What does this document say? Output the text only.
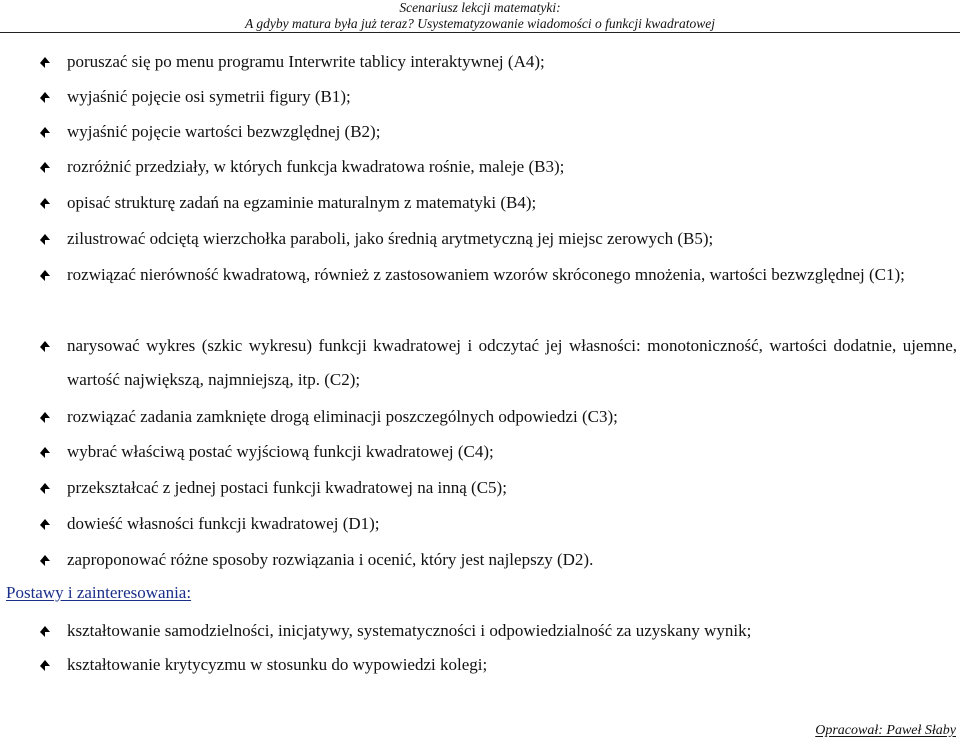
Scenariusz lekcji matematyki:
A gdyby matura była już teraz? Usystematyzowanie wiadomości o funkcji kwadratowej
poruszać się po menu programu Interwrite tablicy interaktywnej (A4);
wyjaśnić pojęcie osi symetrii figury (B1);
wyjaśnić pojęcie wartości bezwzględnej (B2);
rozróżnić przedziały, w których funkcja kwadratowa rośnie, maleje (B3);
opisać strukturę zadań na egzaminie maturalnym z matematyki (B4);
zilustrować odciętą wierzchołka paraboli, jako średnią arytmetyczną jej miejsc zerowych (B5);
rozwiązać nierówność kwadratową, również z zastosowaniem wzorów skróconego mnożenia, wartości bezwzględnej (C1);
narysować wykres (szkic wykresu) funkcji kwadratowej i odczytać jej własności: monotoniczność, wartości dodatnie, ujemne, wartość największą, najmniejszą, itp. (C2);
rozwiązać zadania zamknięte drogą eliminacji poszczególnych odpowiedzi (C3);
wybrać właściwą postać wyjściową funkcji kwadratowej (C4);
przekształcać z jednej postaci funkcji kwadratowej na inną (C5);
dowieść własności funkcji kwadratowej (D1);
zaproponować różne sposoby rozwiązania i ocenić, który jest najlepszy (D2).
Postawy i zainteresowania:
kształtowanie samodzielności, inicjatywy, systematyczności i odpowiedzialność za uzyskany wynik;
kształtowanie krytycyzmu w stosunku do wypowiedzi kolegi;
Opracował: Paweł Słaby
